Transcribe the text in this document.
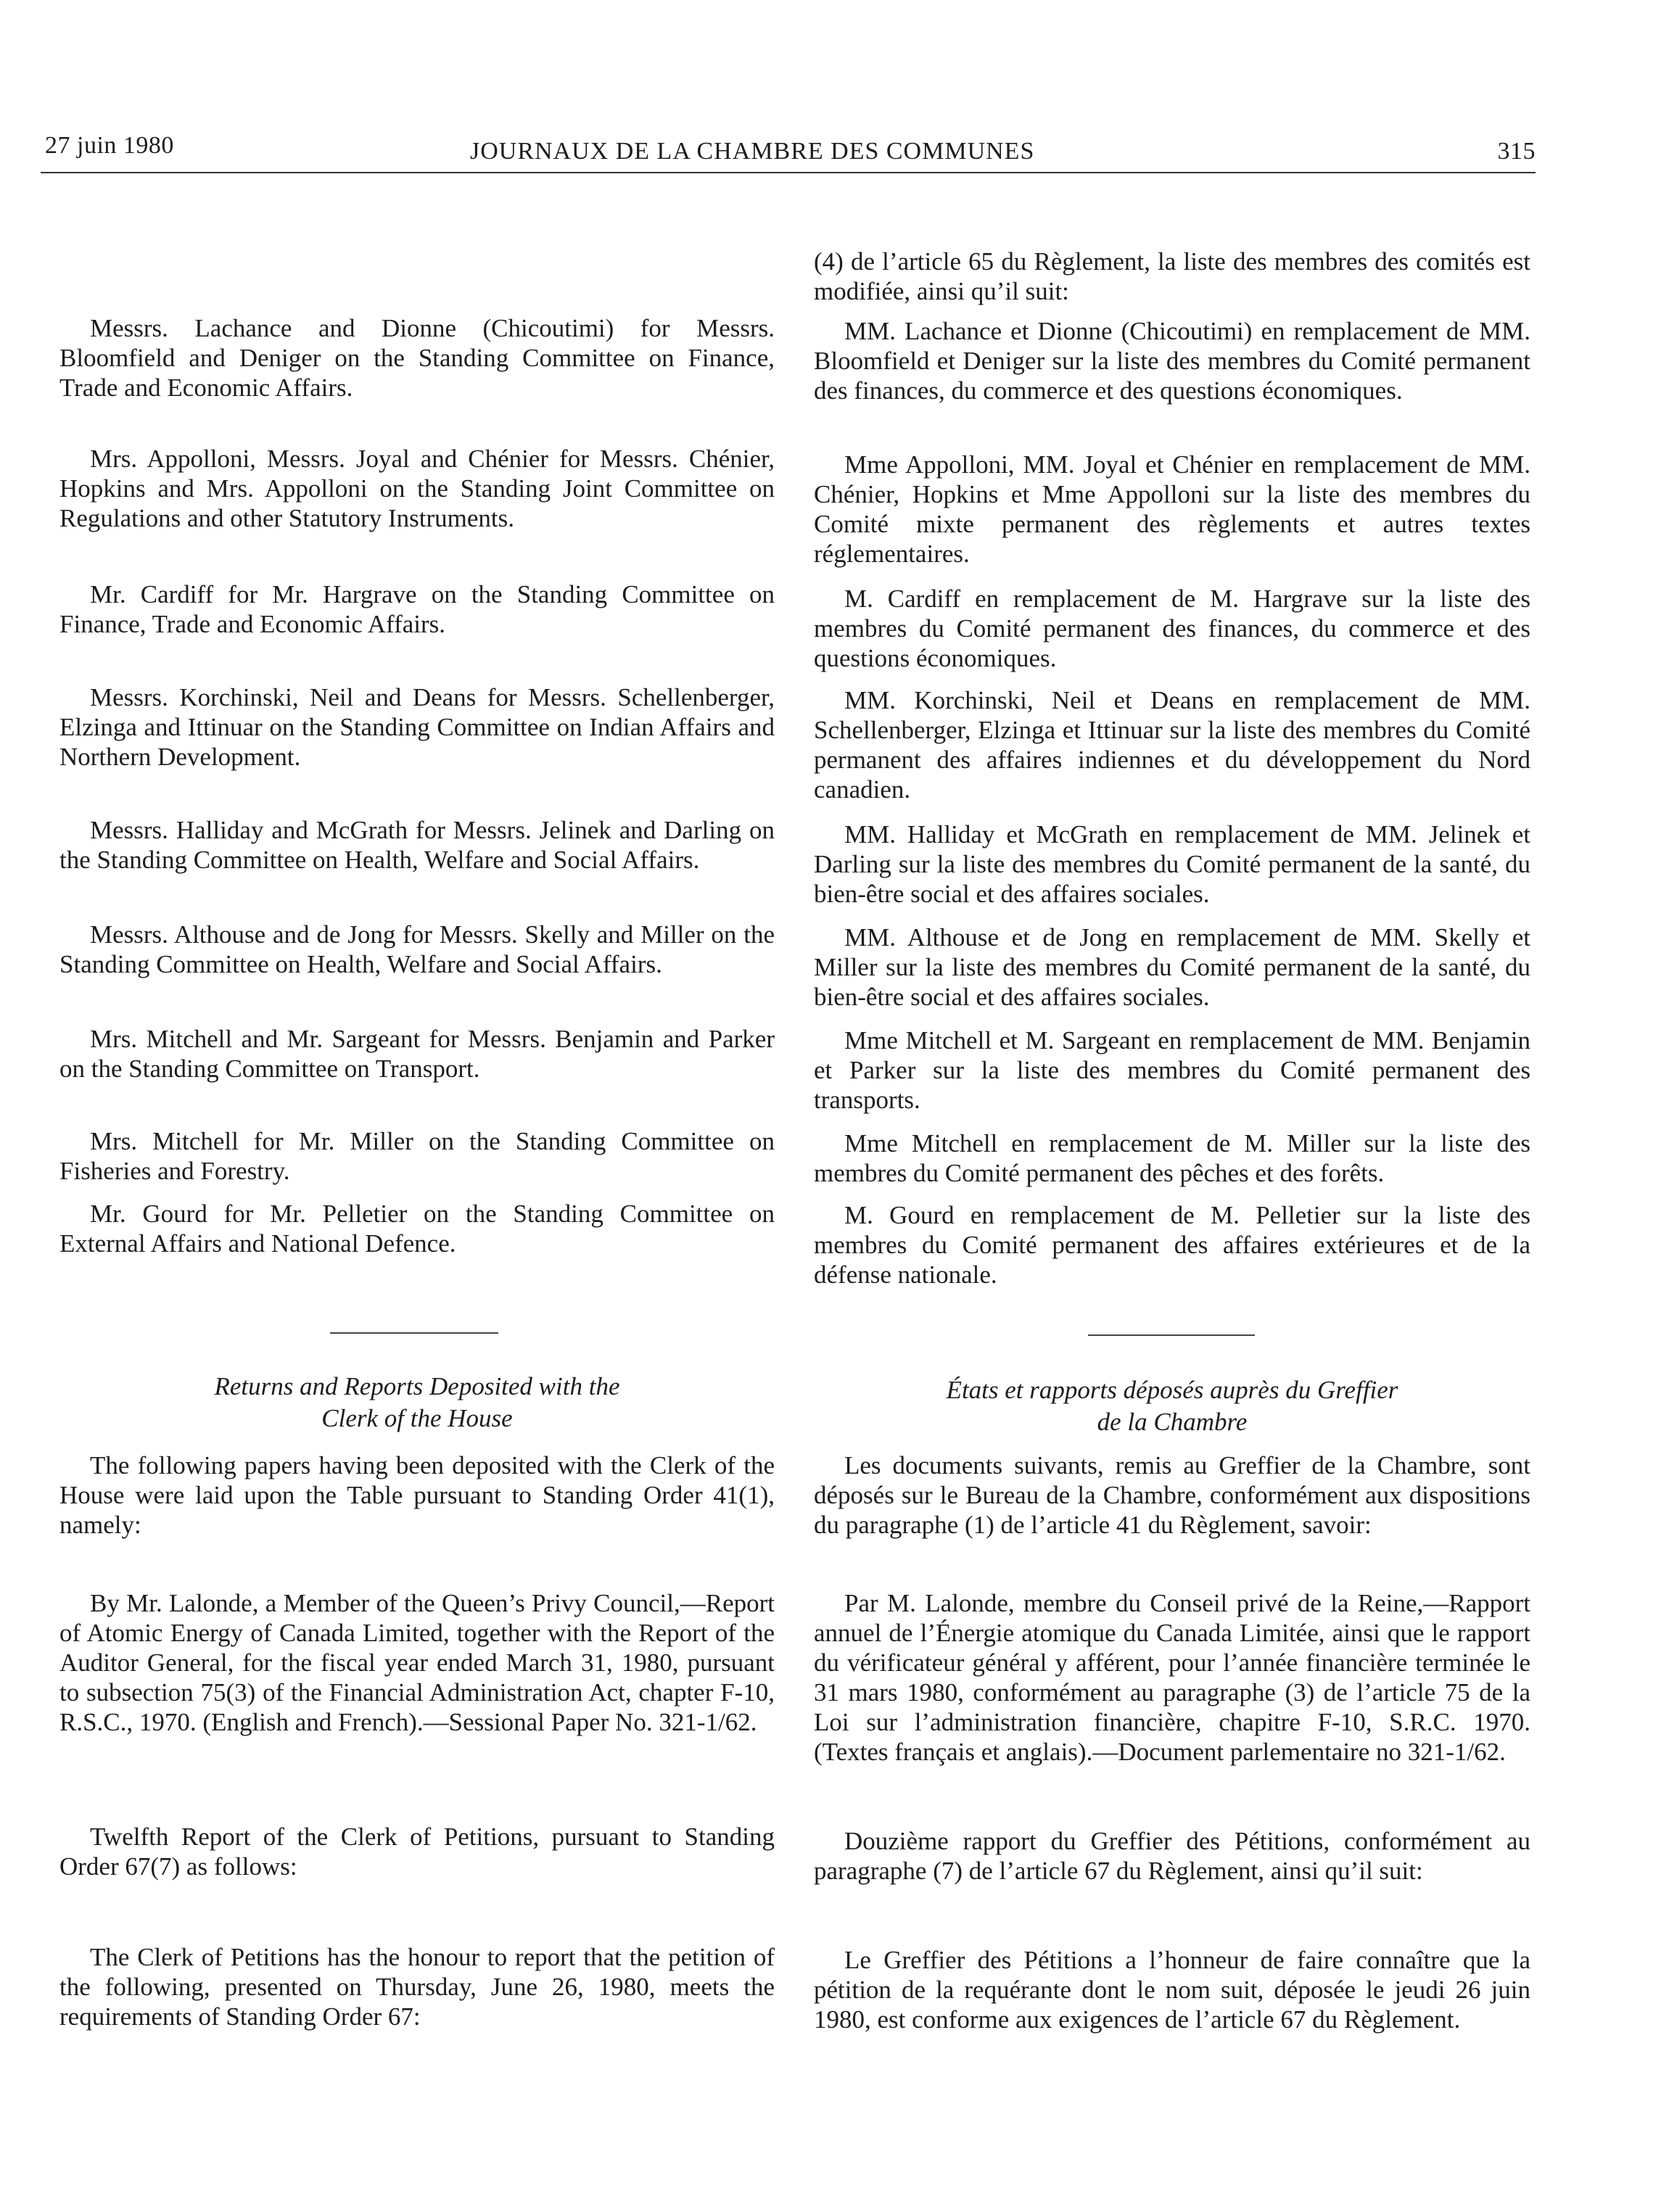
27 juin 1980	JOURNAUX DE LA CHAMBRE DES COMMUNES	315

Messrs. Lachance and Dionne (Chicoutimi) for Messrs. Bloomfield and Deniger on the Standing Committee on Finance, Trade and Economic Affairs.

Mrs. Appolloni, Messrs. Joyal and Chénier for Messrs. Chénier, Hopkins and Mrs. Appolloni on the Standing Joint Committee on Regulations and other Statutory Instruments.

Mr. Cardiff for Mr. Hargrave on the Standing Committee on Finance, Trade and Economic Affairs.

Messrs. Korchinski, Neil and Deans for Messrs. Schellenberger, Elzinga and Ittinuar on the Standing Committee on Indian Affairs and Northern Development.

Messrs. Halliday and McGrath for Messrs. Jelinek and Darling on the Standing Committee on Health, Welfare and Social Affairs.

Messrs. Althouse and de Jong for Messrs. Skelly and Miller on the Standing Committee on Health, Welfare and Social Affairs.

Mrs. Mitchell and Mr. Sargeant for Messrs. Benjamin and Parker on the Standing Committee on Transport.

Mrs. Mitchell for Mr. Miller on the Standing Committee on Fisheries and Forestry.

Mr. Gourd for Mr. Pelletier on the Standing Committee on External Affairs and National Defence.

Returns and Reports Deposited with the
Clerk of the House

The following papers having been deposited with the Clerk of the House were laid upon the Table pursuant to Standing Order 41(1), namely:

By Mr. Lalonde, a Member of the Queen’s Privy Council,—Report of Atomic Energy of Canada Limited, together with the Report of the Auditor General, for the fiscal year ended March 31, 1980, pursuant to subsection 75(3) of the Financial Administration Act, chapter F-10, R.S.C., 1970. (English and French).—Sessional Paper No. 321-1/62.

Twelfth Report of the Clerk of Petitions, pursuant to Standing Order 67(7) as follows:

The Clerk of Petitions has the honour to report that the petition of the following, presented on Thursday, June 26, 1980, meets the requirements of Standing Order 67:

(4) de l’article 65 du Règlement, la liste des membres des comités est modifiée, ainsi qu’il suit:

MM. Lachance et Dionne (Chicoutimi) en remplacement de MM. Bloomfield et Deniger sur la liste des membres du Comité permanent des finances, du commerce et des questions économiques.

Mme Appolloni, MM. Joyal et Chénier en remplacement de MM. Chénier, Hopkins et Mme Appolloni sur la liste des membres du Comité mixte permanent des règlements et autres textes réglementaires.

M. Cardiff en remplacement de M. Hargrave sur la liste des membres du Comité permanent des finances, du commerce et des questions économiques.

MM. Korchinski, Neil et Deans en remplacement de MM. Schellenberger, Elzinga et Ittinuar sur la liste des membres du Comité permanent des affaires indiennes et du développement du Nord canadien.

MM. Halliday et McGrath en remplacement de MM. Jelinek et Darling sur la liste des membres du Comité permanent de la santé, du bien-être social et des affaires sociales.

MM. Althouse et de Jong en remplacement de MM. Skelly et Miller sur la liste des membres du Comité permanent de la santé, du bien-être social et des affaires sociales.

Mme Mitchell et M. Sargeant en remplacement de MM. Benjamin et Parker sur la liste des membres du Comité permanent des transports.

Mme Mitchell en remplacement de M. Miller sur la liste des membres du Comité permanent des pêches et des forêts.

M. Gourd en remplacement de M. Pelletier sur la liste des membres du Comité permanent des affaires extérieures et de la défense nationale.

États et rapports déposés auprès du Greffier
de la Chambre

Les documents suivants, remis au Greffier de la Chambre, sont déposés sur le Bureau de la Chambre, conformément aux dispositions du paragraphe (1) de l’article 41 du Règlement, savoir:

Par M. Lalonde, membre du Conseil privé de la Reine,—Rapport annuel de l’Énergie atomique du Canada Limitée, ainsi que le rapport du vérificateur général y afférent, pour l’année financière terminée le 31 mars 1980, conformément au paragraphe (3) de l’article 75 de la Loi sur l’administration financière, chapitre F-10, S.R.C. 1970. (Textes français et anglais).—Document parlementaire no 321-1/62.

Douzième rapport du Greffier des Pétitions, conformément au paragraphe (7) de l’article 67 du Règlement, ainsi qu’il suit:

Le Greffier des Pétitions a l’honneur de faire connaître que la pétition de la requérante dont le nom suit, déposée le jeudi 26 juin 1980, est conforme aux exigences de l’article 67 du Règlement.
